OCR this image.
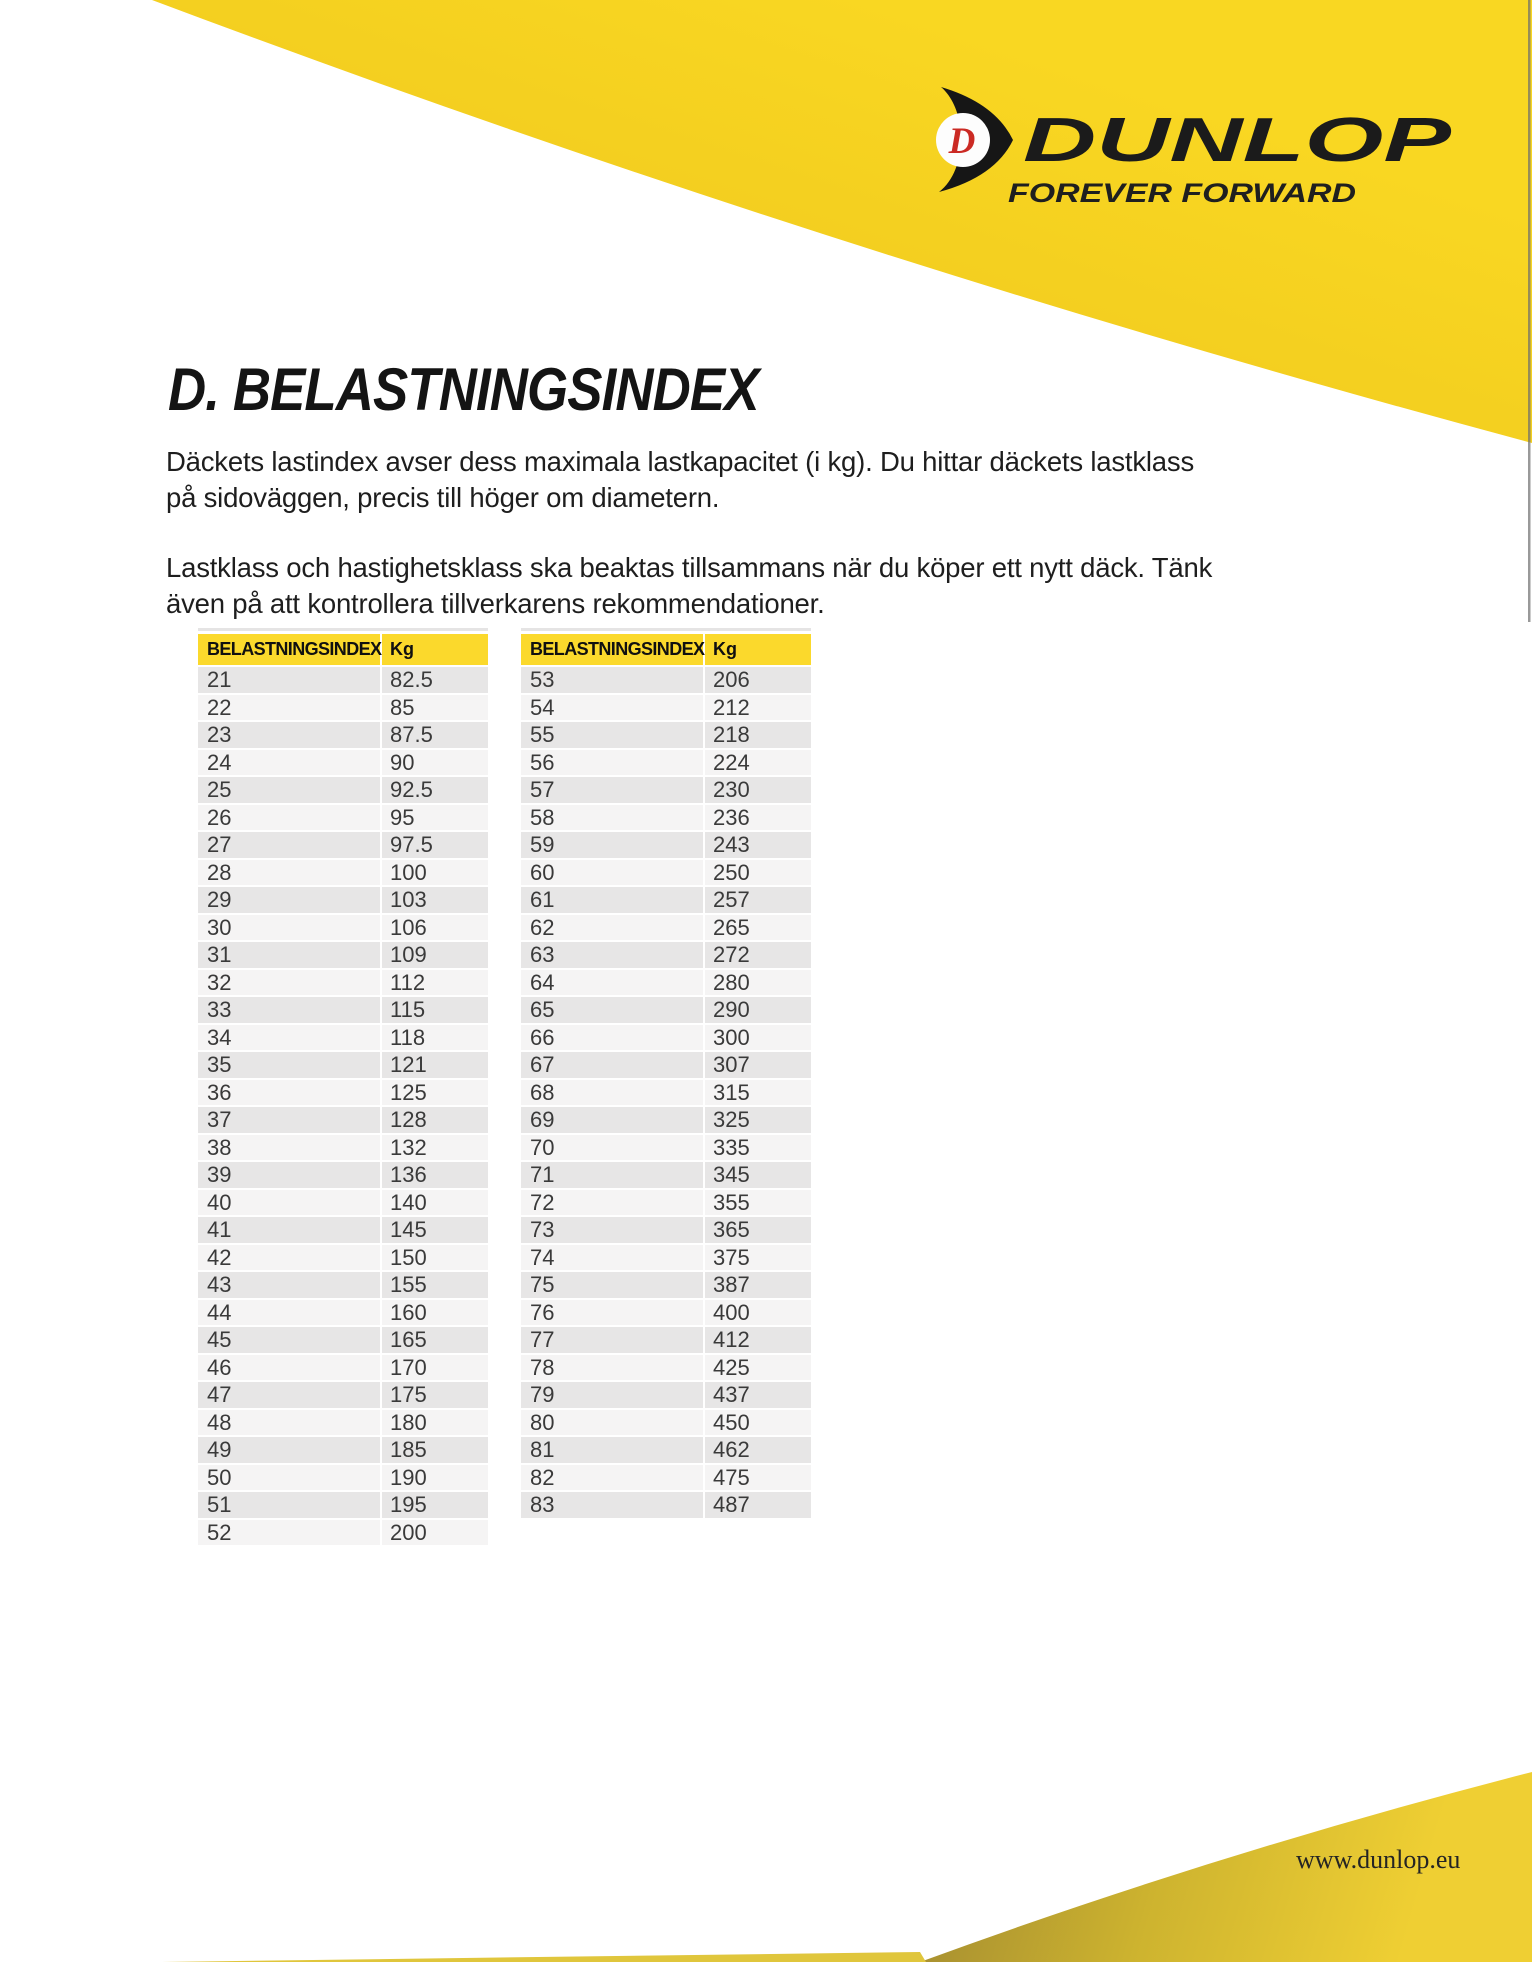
D DUNLOP
FOREVER FORWARD
D. BELASTNINGSINDEX
Däckets lastindex avser dess maximala lastkapacitet (i kg). Du hittar däckets lastklass
på sidoväggen, precis till höger om diametern.
Lastklass och hastighetsklass ska beaktas tillsammans när du köper ett nytt däck. Tänk
även på att kontrollera tillverkarens rekommendationer.
BELASTNINGSINDEX Kg
21	82.5
22	85
23	87.5
24	90
25	92.5
26	95
27	97.5
28	100
29	103
30	106
31	109
32	112
33	115
34	118
35	121
36	125
37	128
38	132
39	136
40	140
41	145
42	150
43	155
44	160
45	165
46	170
47	175
48	180
49	185
50	190
51	195
52	200
BELASTNINGSINDEX Kg
53	206
54	212
55	218
56	224
57	230
58	236
59	243
60	250
61	257
62	265
63	272
64	280
65	290
66	300
67	307
68	315
69	325
70	335
71	345
72	355
73	365
74	375
75	387
76	400
77	412
78	425
79	437
80	450
81	462
82	475
83	487
www.dunlop.eu
